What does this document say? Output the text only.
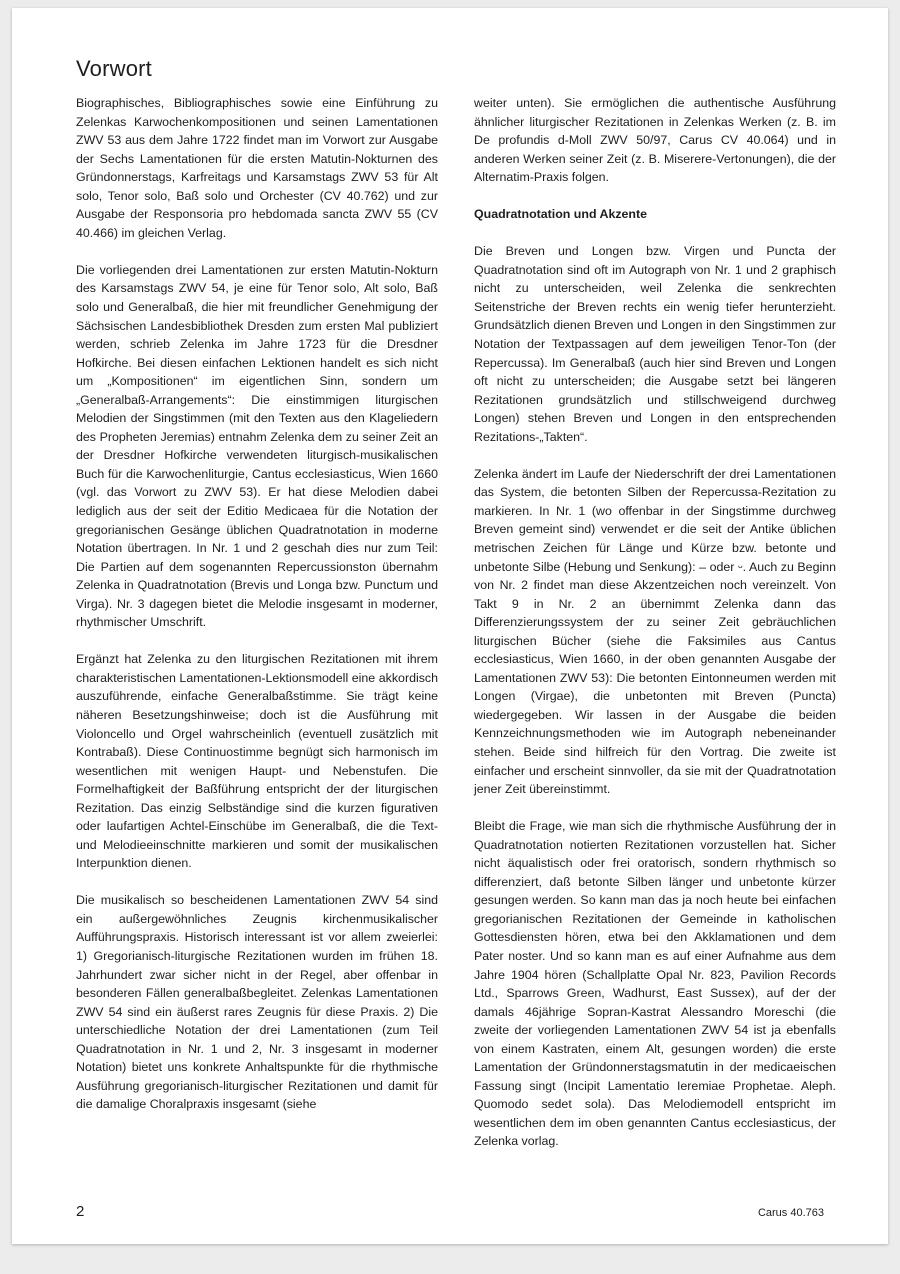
Vorwort

Biographisches, Bibliographisches sowie eine Einführung zu Zelenkas Karwochenkompositionen und seinen Lamentationen ZWV 53 aus dem Jahre 1722 findet man im Vorwort zur Ausgabe der Sechs Lamentationen für die ersten Matutin-Nokturnen des Gründonnerstags, Karfreitags und Karsamstags ZWV 53 für Alt solo, Tenor solo, Baß solo und Orchester (CV 40.762) und zur Ausgabe der Responsoria pro hebdomada sancta ZWV 55 (CV 40.466) im gleichen Verlag.

Die vorliegenden drei Lamentationen zur ersten Matutin-Nokturn des Karsamstags ZWV 54, je eine für Tenor solo, Alt solo, Baß solo und Generalbaß, die hier mit freundlicher Genehmigung der Sächsischen Landesbibliothek Dresden zum ersten Mal publiziert werden, schrieb Zelenka im Jahre 1723 für die Dresdner Hofkirche. Bei diesen einfachen Lektionen handelt es sich nicht um „Kompositionen“ im eigentlichen Sinn, sondern um „Generalbaß-Arrangements“: Die einstimmigen liturgischen Melodien der Singstimmen (mit den Texten aus den Klageliedern des Propheten Jeremias) entnahm Zelenka dem zu seiner Zeit an der Dresdner Hofkirche verwendeten liturgisch-musikalischen Buch für die Karwochenliturgie, Cantus ecclesiasticus, Wien 1660 (vgl. das Vorwort zu ZWV 53). Er hat diese Melodien dabei lediglich aus der seit der Editio Medicaea für die Notation der gregorianischen Gesänge üblichen Quadratnotation in moderne Notation übertragen. In Nr. 1 und 2 geschah dies nur zum Teil: Die Partien auf dem sogenannten Repercussionston übernahm Zelenka in Quadratnotation (Brevis und Longa bzw. Punctum und Virga). Nr. 3 dagegen bietet die Melodie insgesamt in moderner, rhythmischer Umschrift.

Ergänzt hat Zelenka zu den liturgischen Rezitationen mit ihrem charakteristischen Lamentationen-Lektionsmodell eine akkordisch auszuführende, einfache Generalbaßstimme. Sie trägt keine näheren Besetzungshinweise; doch ist die Ausführung mit Violoncello und Orgel wahrscheinlich (eventuell zusätzlich mit Kontrabaß). Diese Continuostimme begnügt sich harmonisch im wesentlichen mit wenigen Haupt- und Nebenstufen. Die Formelhaftigkeit der Baßführung entspricht der der liturgischen Rezitation. Das einzig Selbständige sind die kurzen figurativen oder laufartigen Achtel-Einschübe im Generalbaß, die die Text- und Melodieeinschnitte markieren und somit der musikalischen Interpunktion dienen.

Die musikalisch so bescheidenen Lamentationen ZWV 54 sind ein außergewöhnliches Zeugnis kirchenmusikalischer Aufführungspraxis. Historisch interessant ist vor allem zweierlei: 1) Gregorianisch-liturgische Rezitationen wurden im frühen 18. Jahrhundert zwar sicher nicht in der Regel, aber offenbar in besonderen Fällen generalbaßbegleitet. Zelenkas Lamentationen ZWV 54 sind ein äußerst rares Zeugnis für diese Praxis. 2) Die unterschiedliche Notation der drei Lamentationen (zum Teil Quadratnotation in Nr. 1 und 2, Nr. 3 insgesamt in moderner Notation) bietet uns konkrete Anhaltspunkte für die rhythmische Ausführung gregorianisch-liturgischer Rezitationen und damit für die damalige Choralpraxis insgesamt (siehe

weiter unten). Sie ermöglichen die authentische Ausführung ähnlicher liturgischer Rezitationen in Zelenkas Werken (z. B. im De profundis d-Moll ZWV 50/97, Carus CV 40.064) und in anderen Werken seiner Zeit (z. B. Miserere-Vertonungen), die der Alternatim-Praxis folgen.

Quadratnotation und Akzente

Die Breven und Longen bzw. Virgen und Puncta der Quadratnotation sind oft im Autograph von Nr. 1 und 2 graphisch nicht zu unterscheiden, weil Zelenka die senkrechten Seitenstriche der Breven rechts ein wenig tiefer herunterzieht. Grundsätzlich dienen Breven und Longen in den Singstimmen zur Notation der Textpassagen auf dem jeweiligen Tenor-Ton (der Repercussa). Im Generalbaß (auch hier sind Breven und Longen oft nicht zu unterscheiden; die Ausgabe setzt bei längeren Rezitationen grundsätzlich und stillschweigend durchweg Longen) stehen Breven und Longen in den entsprechenden Rezitations-„Takten“.

Zelenka ändert im Laufe der Niederschrift der drei Lamentationen das System, die betonten Silben der Repercussa-Rezitation zu markieren. In Nr. 1 (wo offenbar in der Singstimme durchweg Breven gemeint sind) verwendet er die seit der Antike üblichen metrischen Zeichen für Länge und Kürze bzw. betonte und unbetonte Silbe (Hebung und Senkung): – oder ᵕ. Auch zu Beginn von Nr. 2 findet man diese Akzentzeichen noch vereinzelt. Von Takt 9 in Nr. 2 an übernimmt Zelenka dann das Differenzierungssystem der zu seiner Zeit gebräuchlichen liturgischen Bücher (siehe die Faksimiles aus Cantus ecclesiasticus, Wien 1660, in der oben genannten Ausgabe der Lamentationen ZWV 53): Die betonten Eintonneumen werden mit Longen (Virgae), die unbetonten mit Breven (Puncta) wiedergegeben. Wir lassen in der Ausgabe die beiden Kennzeichnungsmethoden wie im Autograph nebeneinander stehen. Beide sind hilfreich für den Vortrag. Die zweite ist einfacher und erscheint sinnvoller, da sie mit der Quadratnotation jener Zeit übereinstimmt.

Bleibt die Frage, wie man sich die rhythmische Ausführung der in Quadratnotation notierten Rezitationen vorzustellen hat. Sicher nicht äqualistisch oder frei oratorisch, sondern rhythmisch so differenziert, daß betonte Silben länger und unbetonte kürzer gesungen werden. So kann man das ja noch heute bei einfachen gregorianischen Rezitationen der Gemeinde in katholischen Gottesdiensten hören, etwa bei den Akklamationen und dem Pater noster. Und so kann man es auf einer Aufnahme aus dem Jahre 1904 hören (Schallplatte Opal Nr. 823, Pavilion Records Ltd., Sparrows Green, Wadhurst, East Sussex), auf der der damals 46jährige Sopran-Kastrat Alessandro Moreschi (die zweite der vorliegenden Lamentationen ZWV 54 ist ja ebenfalls von einem Kastraten, einem Alt, gesungen worden) die erste Lamentation der Gründonnerstagsmatutin in der medicaeischen Fassung singt (Incipit Lamentatio Ieremiae Prophetae. Aleph. Quomodo sedet sola). Das Melodiemodell entspricht im wesentlichen dem im oben genannten Cantus ecclesiasticus, der Zelenka vorlag.

2	Carus 40.763
